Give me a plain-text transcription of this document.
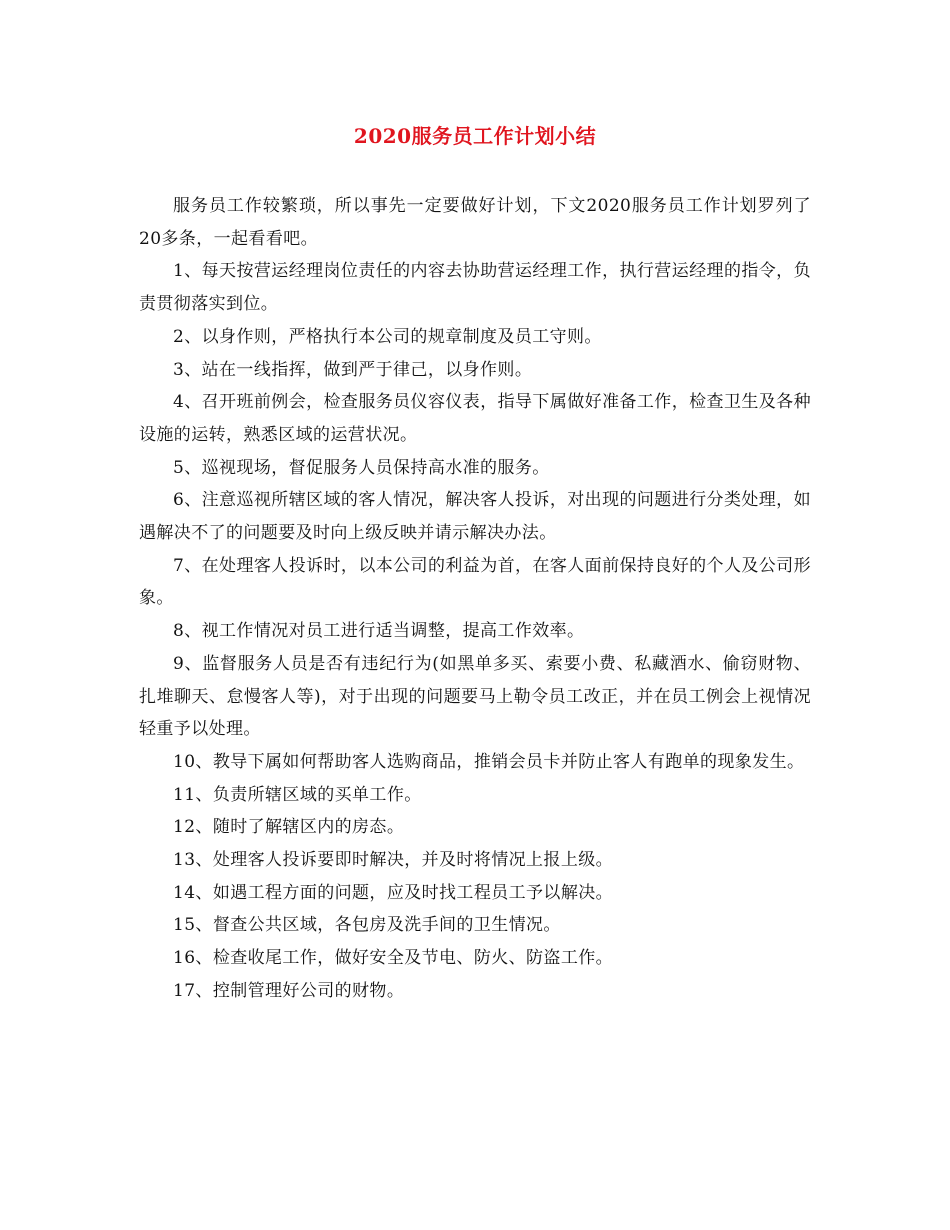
2020服务员工作计划小结

服务员工作较繁琐，所以事先一定要做好计划，下文2020服务员工作计划罗列了20多条，一起看看吧。

1、每天按营运经理岗位责任的内容去协助营运经理工作，执行营运经理的指令，负责贯彻落实到位。

2、以身作则，严格执行本公司的规章制度及员工守则。

3、站在一线指挥，做到严于律己，以身作则。

4、召开班前例会，检查服务员仪容仪表，指导下属做好准备工作，检查卫生及各种设施的运转，熟悉区域的运营状况。

5、巡视现场，督促服务人员保持高水准的服务。

6、注意巡视所辖区域的客人情况，解决客人投诉，对出现的问题进行分类处理，如遇解决不了的问题要及时向上级反映并请示解决办法。

7、在处理客人投诉时，以本公司的利益为首，在客人面前保持良好的个人及公司形象。

8、视工作情况对员工进行适当调整，提高工作效率。

9、监督服务人员是否有违纪行为(如黑单多买、索要小费、私藏酒水、偷窃财物、扎堆聊天、怠慢客人等)，对于出现的问题要马上勒令员工改正，并在员工例会上视情况轻重予以处理。

10、教导下属如何帮助客人选购商品，推销会员卡并防止客人有跑单的现象发生。

11、负责所辖区域的买单工作。

12、随时了解辖区内的房态。

13、处理客人投诉要即时解决，并及时将情况上报上级。

14、如遇工程方面的问题，应及时找工程员工予以解决。

15、督查公共区域，各包房及洗手间的卫生情况。

16、检查收尾工作，做好安全及节电、防火、防盗工作。

17、控制管理好公司的财物。
